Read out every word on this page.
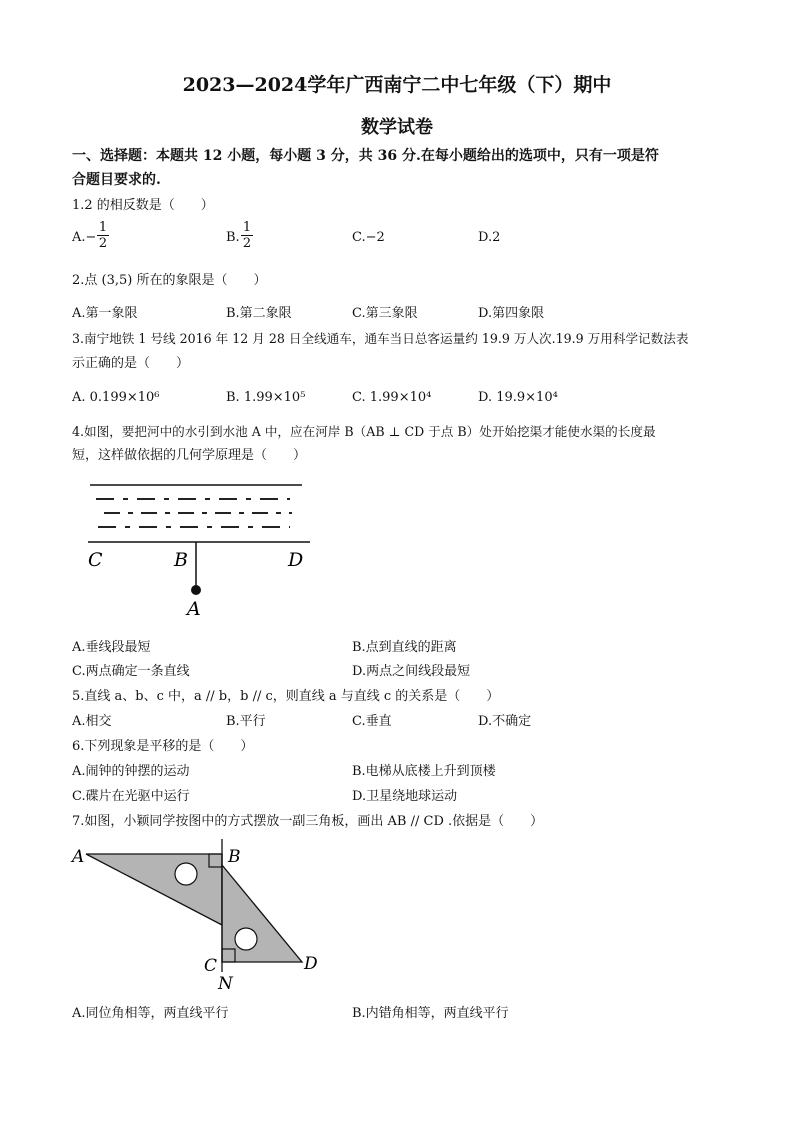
2023—2024学年广西南宁二中七年级（下）期中
数学试卷
一、选择题：本题共 12 小题，每小题 3 分，共 36 分.在每小题给出的选项中，只有一项是符
合题目要求的.
1.2 的相反数是（　　）
$A.- \frac{1}{2}$	B. $\frac{1}{2}$	C.−2	D.2
2.点 (3,5) 所在的象限是（　　）
A.第一象限	B.第二象限	C.第三象限	D.第四象限
3.南宁地铁 1 号线 2016 年 12 月 28 日全线通车，通车当日总客运量约 19.9 万人次.19.9 万用科学记数法表
示正确的是（　　）
A. 0.199×10⁶	B. 1.99×10⁵	C. 1.99×10⁴	D. 19.9×10⁴
4.如图，要把河中的水引到水池 A 中，应在河岸 B（AB ⊥ CD 于点 B）处开始挖渠才能使水渠的长度最
短，这样做依据的几何学原理是（　　）
C	B	D
A
A.垂线段最短	B.点到直线的距离
C.两点确定一条直线	D.两点之间线段最短
5.直线 a、b、c 中，a // b，b // c，则直线 a 与直线 c 的关系是（　　）
A.相交	B.平行	C.垂直	D.不确定
6.下列现象是平移的是（　　）
A.闹钟的钟摆的运动	B.电梯从底楼上升到顶楼
C.碟片在光驱中运行	D.卫星绕地球运动
7.如图，小颖同学按图中的方式摆放一副三角板，画出 AB // CD .依据是（　　）
A	B
C
N
D
A.同位角相等，两直线平行	B.内错角相等，两直线平行
